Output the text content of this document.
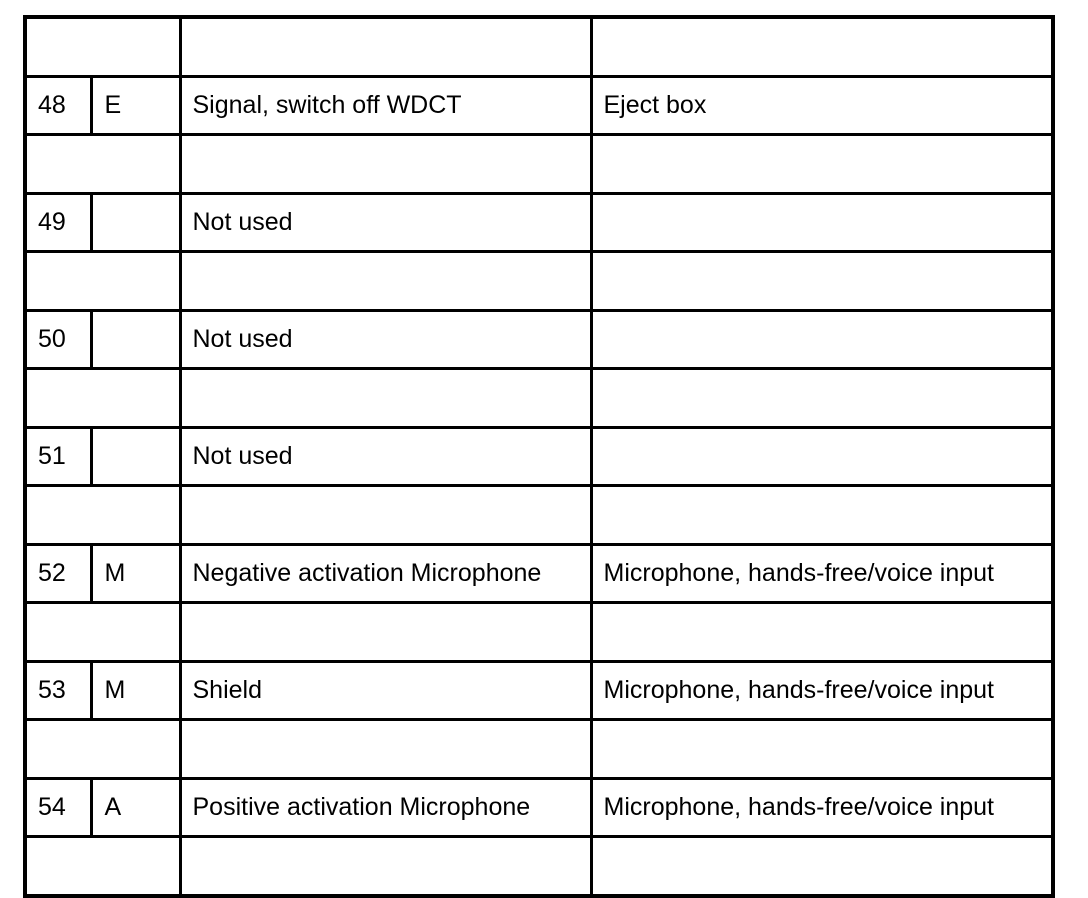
48	E	Signal, switch off WDCT	Eject box

49		Not used	

50		Not used	

51		Not used	

52	M	Negative activation Microphone	Microphone, hands-free/voice input

53	M	Shield	Microphone, hands-free/voice input

54	A	Positive activation Microphone	Microphone, hands-free/voice input
